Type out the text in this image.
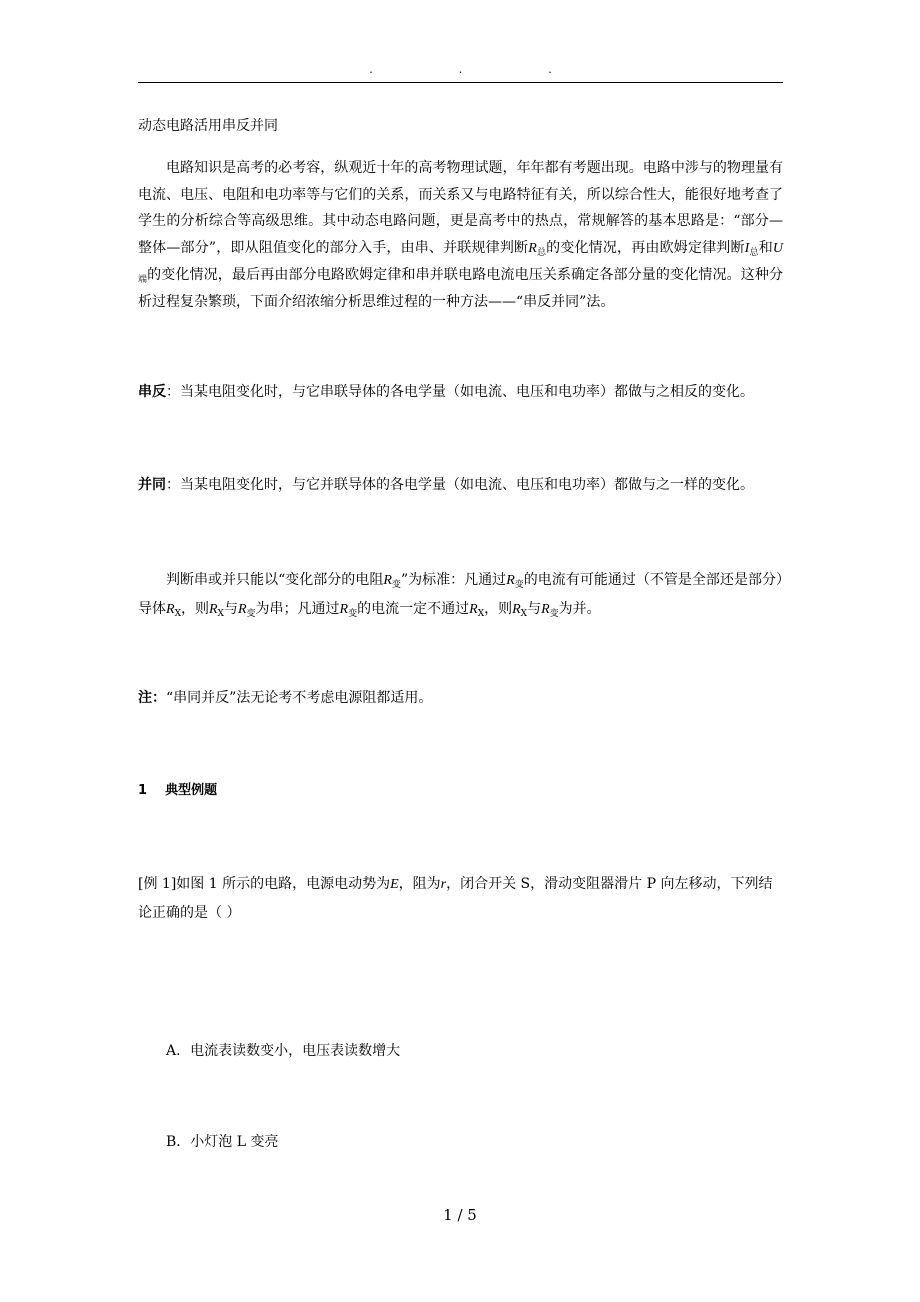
.	.	.
动态电路活用串反并同
电路知识是高考的必考容，纵观近十年的高考物理试题，年年都有考题出现。电路中涉与的物理量有电流、电压、电阻和电功率等与它们的关系，而关系又与电路特征有关，所以综合性大，能很好地考查了学生的分析综合等高级思维。其中动态电路问题，更是高考中的热点，常规解答的基本思路是：“部分—整体—部分”，即从阻值变化的部分入手，由串、并联规律判断$R_总$的变化情况，再由欧姆定律判断$I_总$和$U_端$的变化情况，最后再由部分电路欧姆定律和串并联电路电流电压关系确定各部分量的变化情况。这种分析过程复杂繁琐，下面介绍浓缩分析思维过程的一种方法——“串反并同”法。
串反：当某电阻变化时，与它串联导体的各电学量（如电流、电压和电功率）都做与之相反的变化。
并同：当某电阻变化时，与它并联导体的各电学量（如电流、电压和电功率）都做与之一样的变化。
判断串或并只能以“变化部分的电阻$R_变$”为标准：凡通过$R_变$的电流有可能通过（不管是全部还是部分）导体$R_X$，则$R_X$与$R_变$为串；凡通过$R_变$的电流一定不通过$R_X$，则$R_X$与$R_变$为并。
注：“串同并反”法无论考不考虑电源阻都适用。
1 典型例题
[例 1]如图 1 所示的电路，电源电动势为E，阻为r，闭合开关 S，滑动变阻器滑片 P 向左移动，下列结论正确的是（ ）
A．电流表读数变小，电压表读数增大
B．小灯泡 L 变亮
1 / 5
